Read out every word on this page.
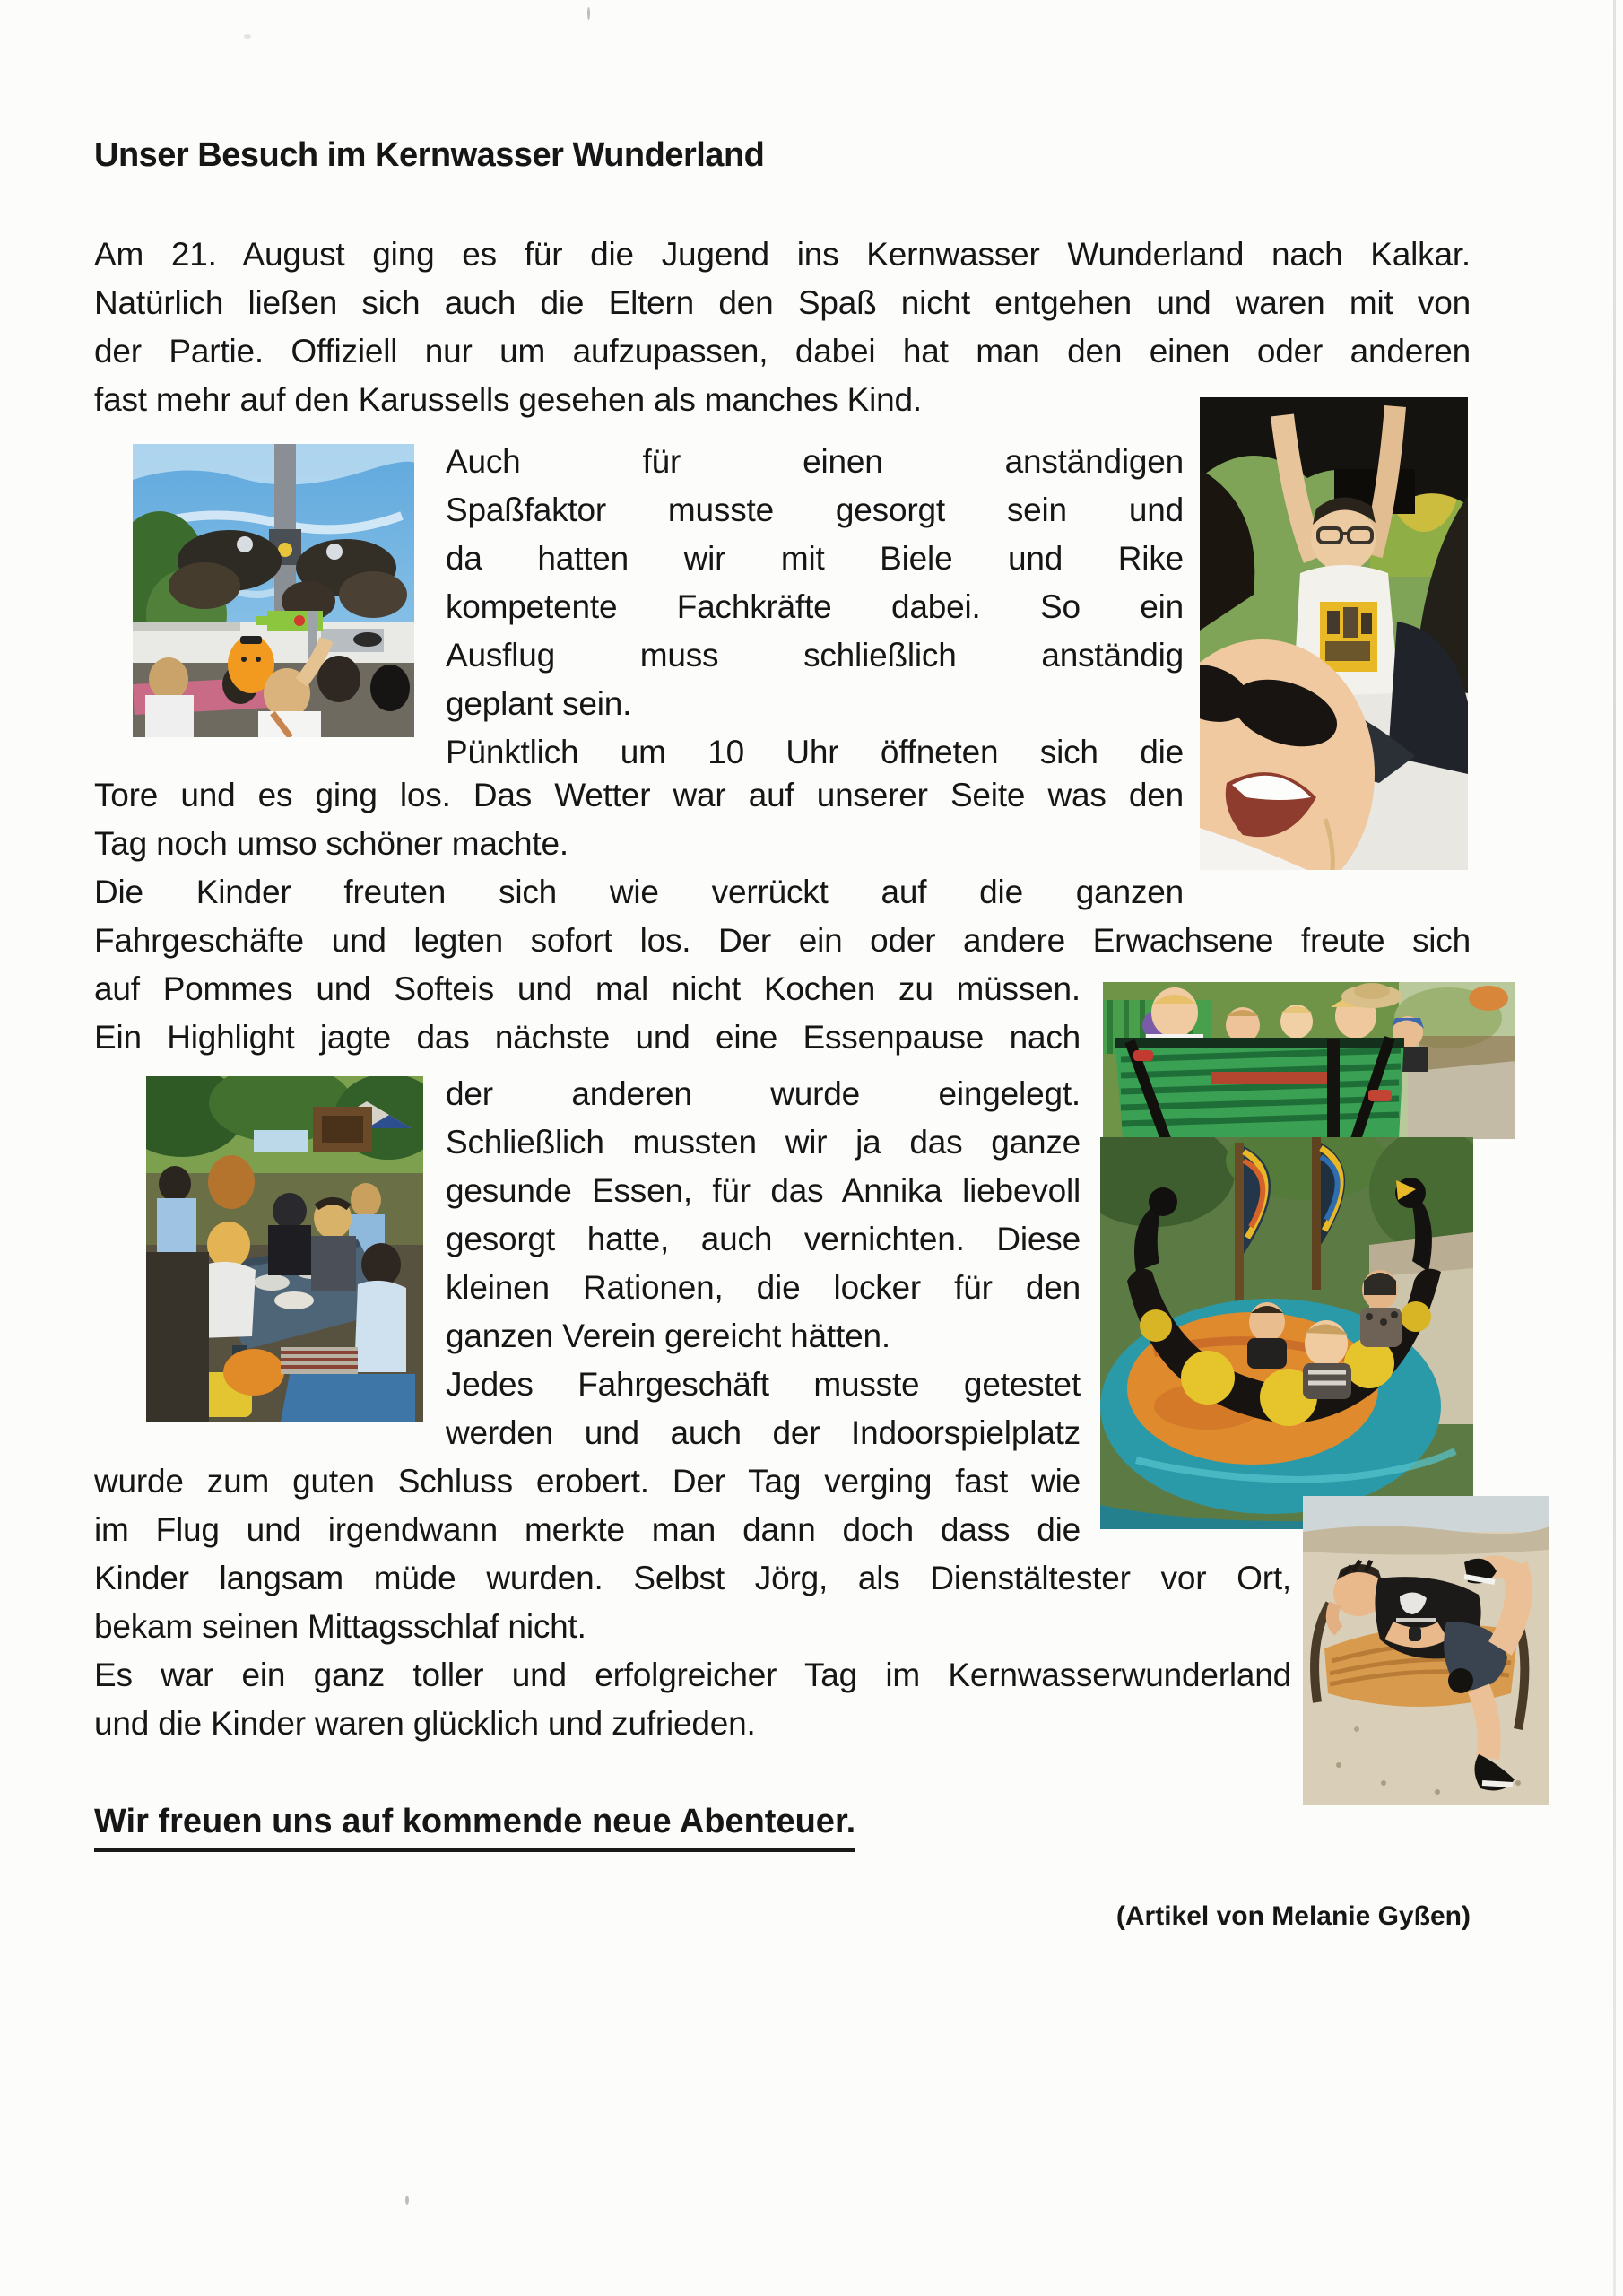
Unser Besuch im Kernwasser Wunderland
Am 21. August ging es für die Jugend ins Kernwasser Wunderland nach Kalkar.
Natürlich ließen sich auch die Eltern den Spaß nicht entgehen und waren mit von
der Partie. Offiziell nur um aufzupassen, dabei hat man den einen oder anderen
fast mehr auf den Karussells gesehen als manches Kind.
Auch für einen anständigen
Spaßfaktor musste gesorgt sein und
da hatten wir mit Biele und Rike
kompetente Fachkräfte dabei. So ein
Ausflug muss schließlich anständig
geplant sein.
Pünktlich um 10 Uhr öffneten sich die
Tore und es ging los. Das Wetter war auf unserer Seite was den
Tag noch umso schöner machte.
Die Kinder freuten sich wie verrückt auf die ganzen
Fahrgeschäfte und legten sofort los. Der ein oder andere Erwachsene freute sich
auf Pommes und Softeis und mal nicht Kochen zu müssen.
Ein Highlight jagte das nächste und eine Essenpause nach
der anderen wurde eingelegt.
Schließlich mussten wir ja das ganze
gesunde Essen, für das Annika liebevoll
gesorgt hatte, auch vernichten. Diese
kleinen Rationen, die locker für den
ganzen Verein gereicht hätten.
Jedes Fahrgeschäft musste getestet
werden und auch der Indoorspielplatz
wurde zum guten Schluss erobert. Der Tag verging fast wie
im Flug und irgendwann merkte man dann doch dass die
Kinder langsam müde wurden. Selbst Jörg, als Dienstältester vor Ort,
bekam seinen Mittagsschlaf nicht.
Es war ein ganz toller und erfolgreicher Tag im Kernwasserwunderland
und die Kinder waren glücklich und zufrieden.
Wir freuen uns auf kommende neue Abenteuer.
(Artikel von Melanie Gyßen)
